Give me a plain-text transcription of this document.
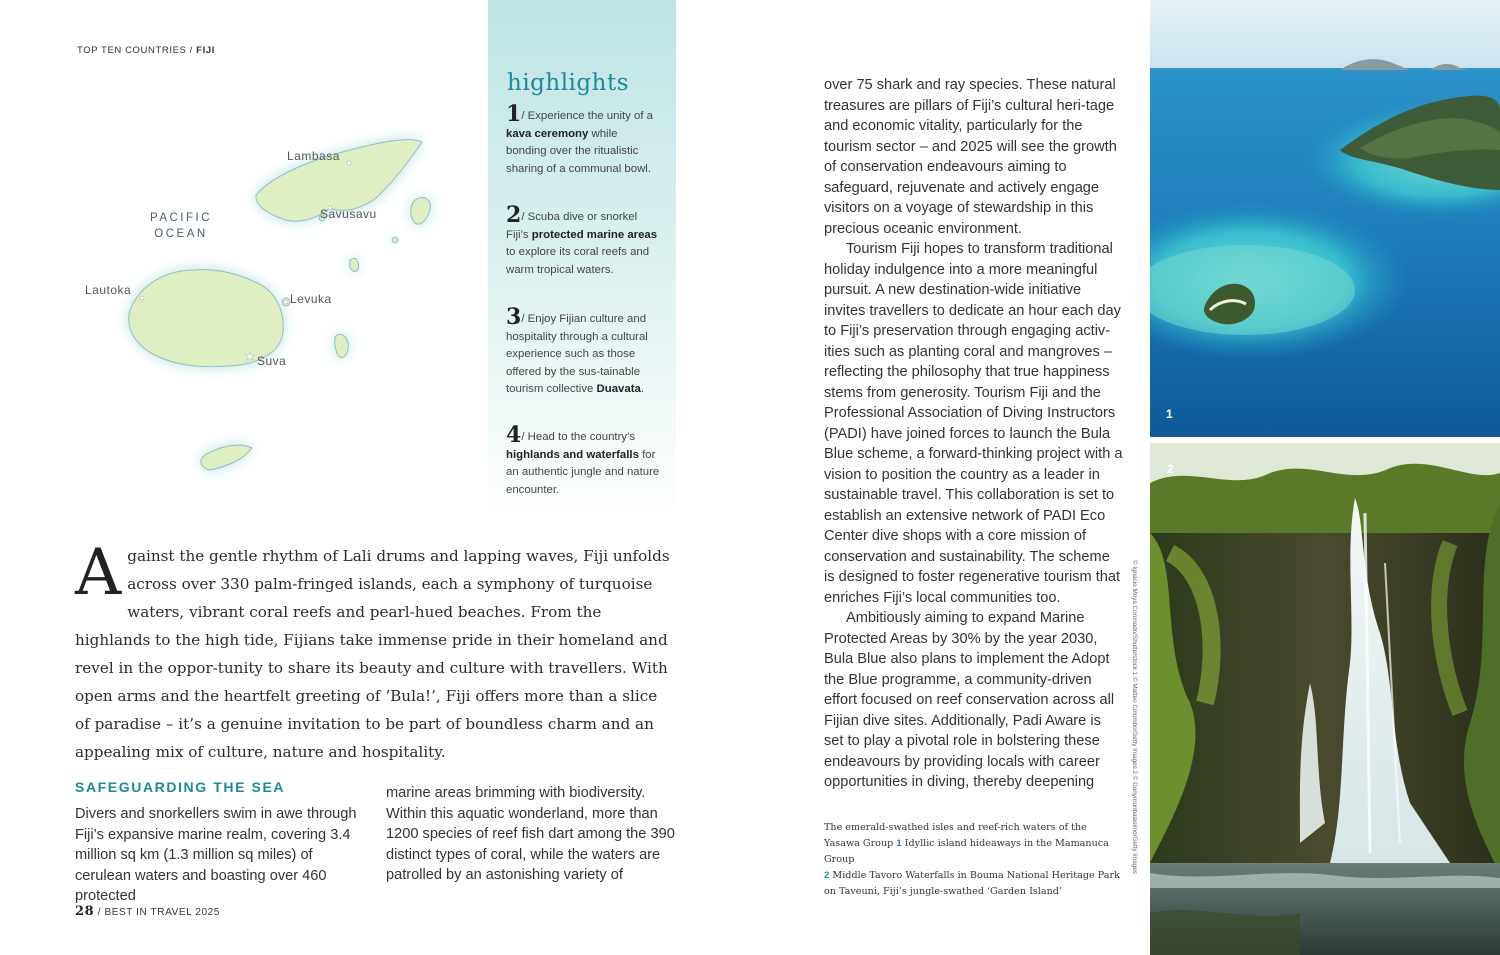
TOP TEN COUNTRIES / FIJI
★
Lambasa
Savusavu
Lautoka
Levuka
Suva
PACIFIC
OCEAN
highlights
1/ Experience the unity of a kava ceremony while bonding over the ritualistic sharing of a communal bowl.
2/ Scuba dive or snorkel Fiji’s protected marine areas to explore its coral reefs and warm tropical waters.
3/ Enjoy Fijian culture and hospitality through a cultural experience such as those offered by the sus-tainable tourism collective Duavata.
4/ Head to the country’s highlands and waterfalls for an authentic jungle and nature encounter.
Against the gentle rhythm of Lali drums and lapping waves, Fiji unfolds across over 330 palm-fringed islands, each a symphony of turquoise waters, vibrant coral reefs and pearl-hued beaches. From the highlands to the high tide, Fijians take immense pride in their homeland and revel in the oppor-tunity to share its beauty and culture with travellers. With open arms and the heartfelt greeting of ‘Bula!’, Fiji offers more than a slice of paradise – it’s a genuine invitation to be part of boundless charm and an appealing mix of culture, nature and hospitality.
SAFEGUARDING THE SEA
Divers and snorkellers swim in awe through Fiji’s expansive marine realm, covering 3.4 million sq km (1.3 million sq miles) of cerulean waters and boasting over 460 protected
marine areas brimming with biodiversity. Within this aquatic wonderland, more than 1200 species of reef fish dart among the 390 distinct types of coral, while the waters are patrolled by an astonishing variety of

over 75 shark and ray species. These natural treasures are pillars of Fiji’s cultural heri-tage and economic vitality, particularly for the tourism sector – and 2025 will see the growth of conservation endeavours aiming to safeguard, rejuvenate and actively engage visitors on a voyage of stewardship in this precious oceanic environment.

Tourism Fiji hopes to transform traditional holiday indulgence into a more meaningful pursuit. A new destination-wide initiative invites travellers to dedicate an hour each day to Fiji’s preservation through engaging activ-ities such as planting coral and mangroves – reflecting the philosophy that true happiness stems from generosity. Tourism Fiji and the Professional Association of Diving Instructors (PADI) have joined forces to launch the Bula Blue scheme, a forward-thinking project with a vision to position the country as a leader in sustainable travel. This collaboration is set to establish an extensive network of PADI Eco Center dive shops with a core mission of conservation and sustainability. The scheme is designed to foster regenerative tourism that enriches Fiji’s local communities too.

Ambitiously aiming to expand Marine Protected Areas by 30% by the year 2030, Bula Blue also plans to implement the Adopt the Blue programme, a community-driven effort focused on reef conservation across all Fijian dive sites. Additionally, Padi Aware is set to play a pivotal role in bolstering these endeavours by providing locals with career opportunities in diving, thereby deepening

The emerald-swathed isles and reef-rich waters of the Yasawa Group 1 Idyllic island hideaways in the Mamanuca Group
2 Middle Tavoro Waterfalls in Bouma National Heritage Park on Taveuni, Fiji’s jungle-swathed ‘Garden Island’
© Ignacio Moya Coronado/Shutterstock 1 © Matteo Colombo/Getty Images 2 © Danyorunbalasimo/Getty Images
28 / BEST IN TRAVEL 2025
1
2
